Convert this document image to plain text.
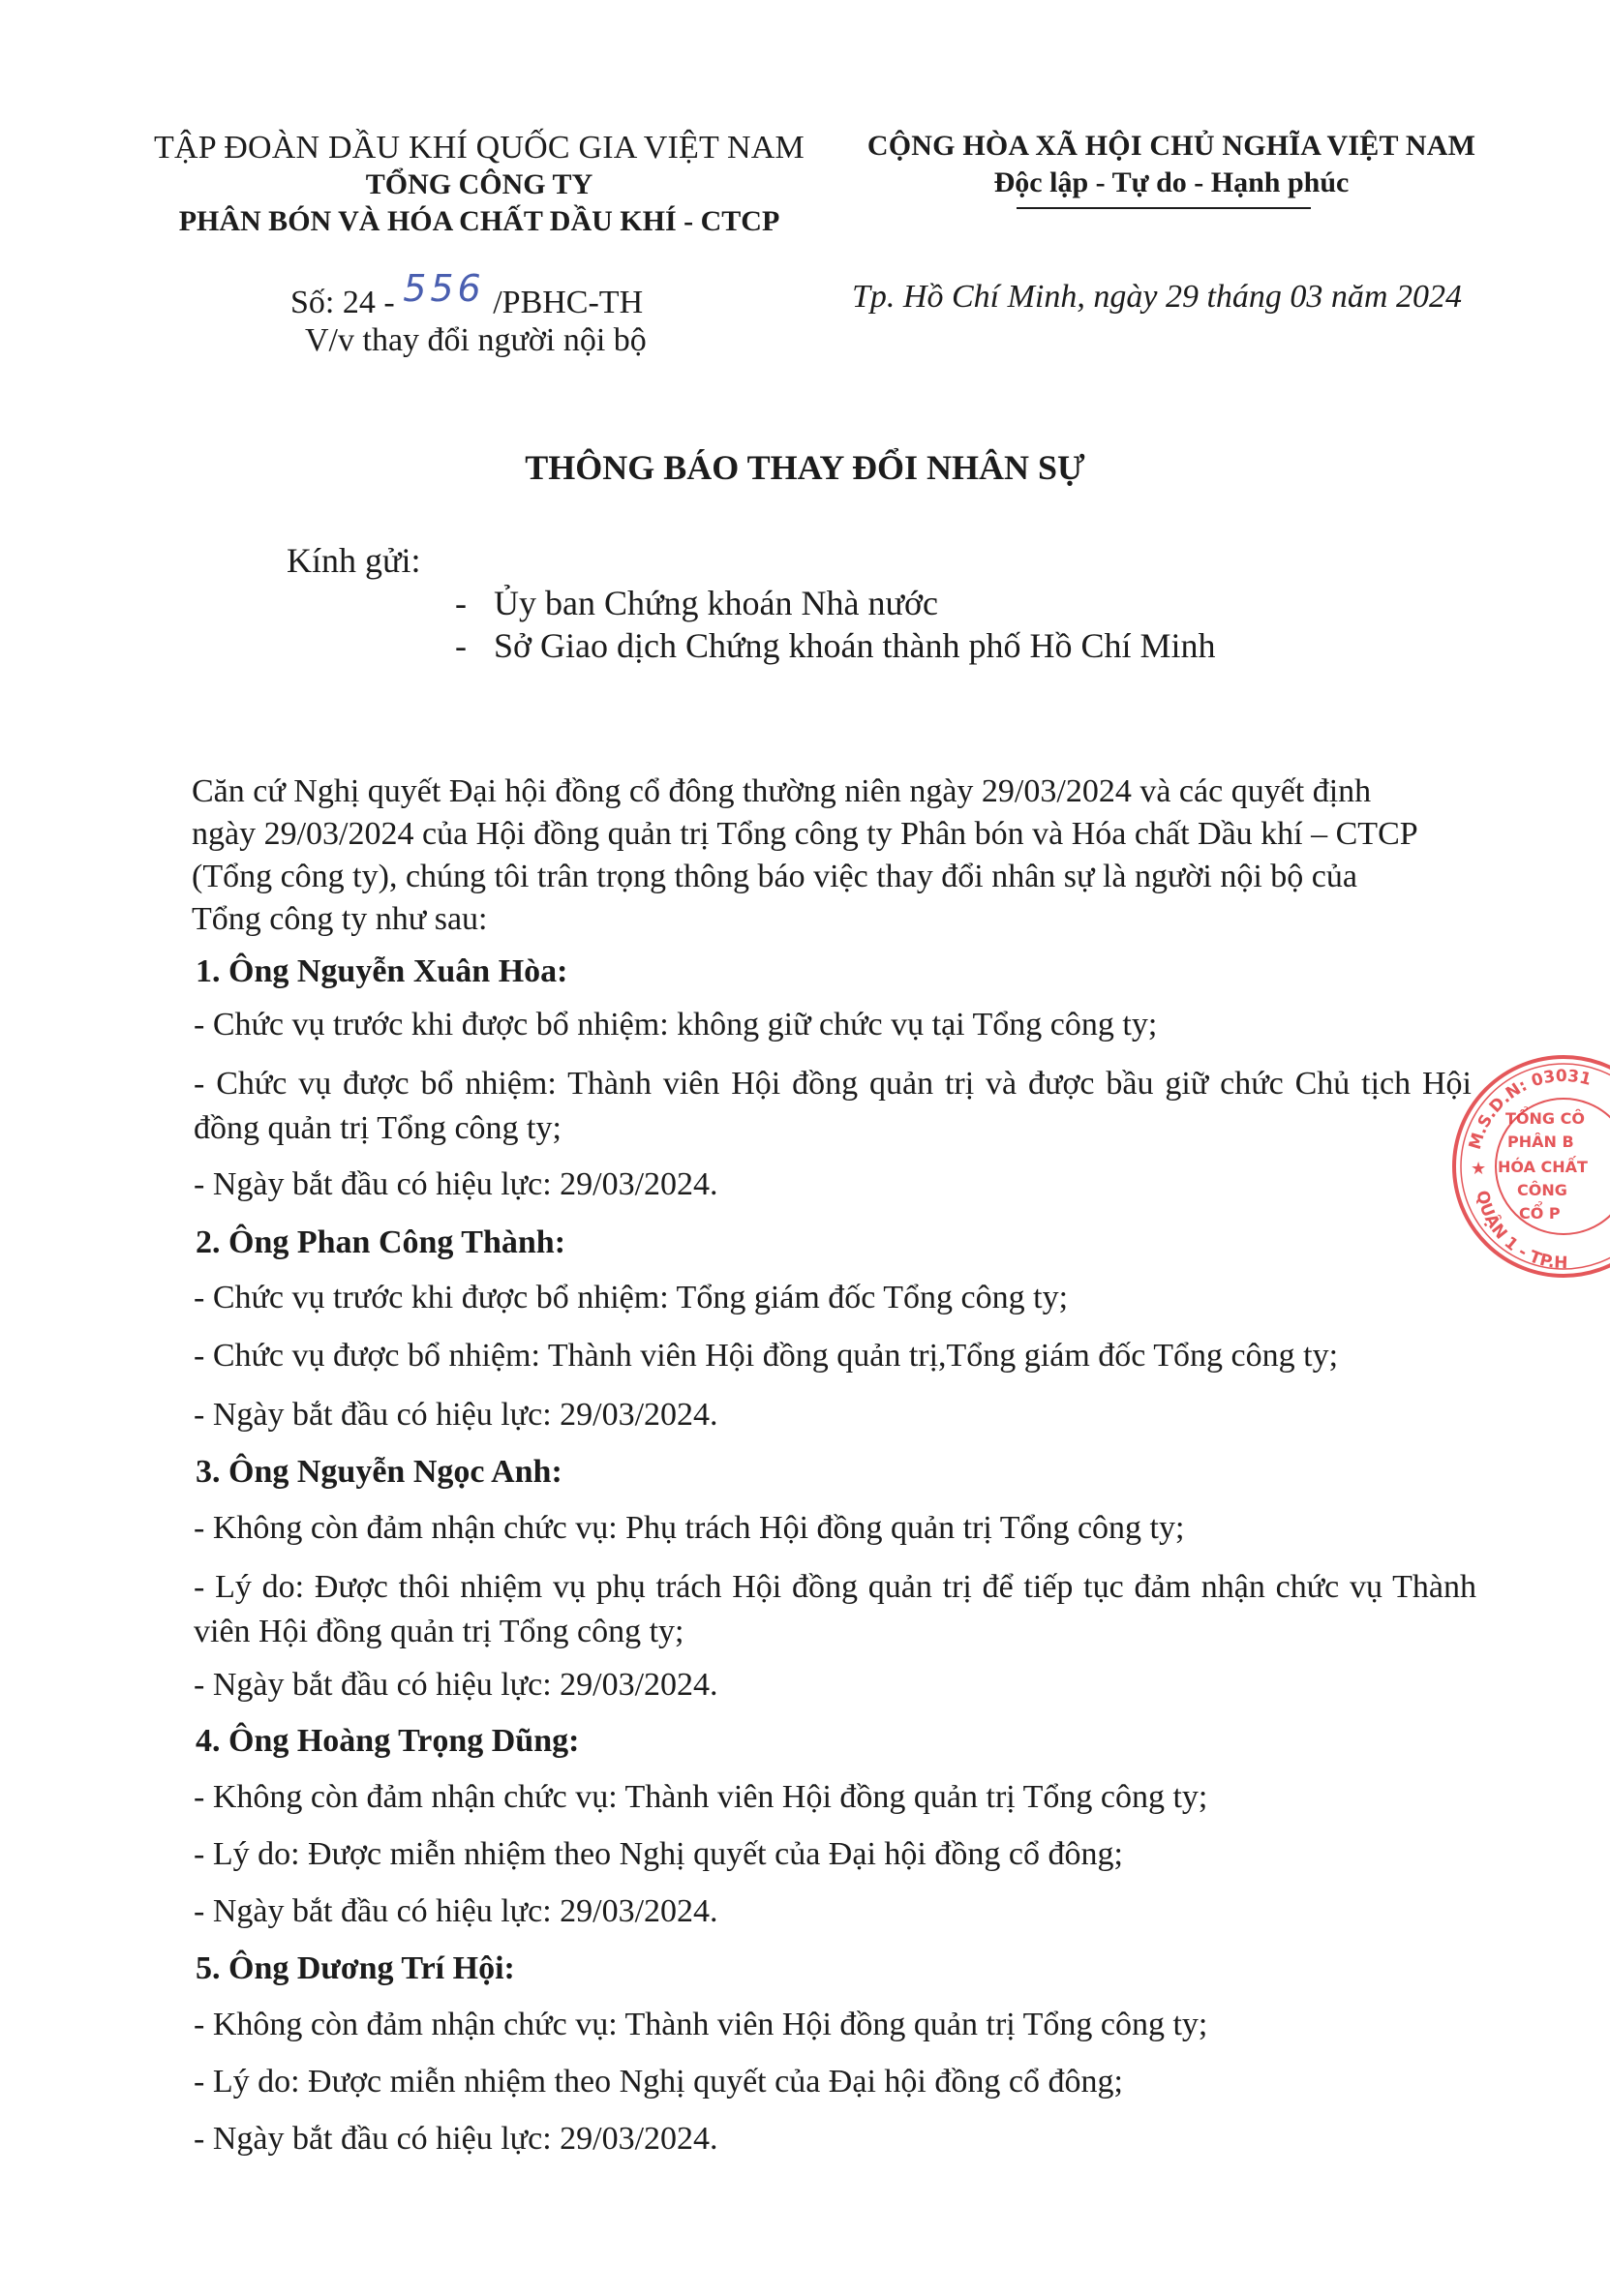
TẬP ĐOÀN DẦU KHÍ QUỐC GIA VIỆT NAM
TỔNG CÔNG TY
PHÂN BÓN VÀ HÓA CHẤT DẦU KHÍ - CTCP
CỘNG HÒA XÃ HỘI CHỦ NGHĨA VIỆT NAM
Độc lập - Tự do - Hạnh phúc
Số: 24 - 556 /PBHC-TH
V/v thay đổi người nội bộ
Tp. Hồ Chí Minh, ngày 29 tháng 03 năm 2024
THÔNG BÁO THAY ĐỔI NHÂN SỰ
Kính gửi:
- Ủy ban Chứng khoán Nhà nước
- Sở Giao dịch Chứng khoán thành phố Hồ Chí Minh

Căn cứ Nghị quyết Đại hội đồng cổ đông thường niên ngày 29/03/2024 và các quyết định

ngày 29/03/2024 của Hội đồng quản trị Tổng công ty Phân bón và Hóa chất Dầu khí – CTCP

(Tổng công ty), chúng tôi trân trọng thông báo việc thay đổi nhân sự là người nội bộ của

Tổng công ty như sau:

1. Ông Nguyễn Xuân Hòa:
- Chức vụ trước khi được bổ nhiệm: không giữ chức vụ tại Tổng công ty;
- Chức vụ được bổ nhiệm: Thành viên Hội đồng quản trị và được bầu giữ chức Chủ tịch Hội đồng quản trị Tổng công ty;
- Ngày bắt đầu có hiệu lực: 29/03/2024.
2. Ông Phan Công Thành:
- Chức vụ trước khi được bổ nhiệm: Tổng giám đốc Tổng công ty;
- Chức vụ được bổ nhiệm: Thành viên Hội đồng quản trị,Tổng giám đốc Tổng công ty;
- Ngày bắt đầu có hiệu lực: 29/03/2024.
3. Ông Nguyễn Ngọc Anh:
- Không còn đảm nhận chức vụ: Phụ trách Hội đồng quản trị Tổng công ty;
- Lý do: Được thôi nhiệm vụ phụ trách Hội đồng quản trị để tiếp tục đảm nhận chức vụ Thành viên Hội đồng quản trị Tổng công ty;
- Ngày bắt đầu có hiệu lực: 29/03/2024.
4. Ông Hoàng Trọng Dũng:
- Không còn đảm nhận chức vụ: Thành viên Hội đồng quản trị Tổng công ty;
- Lý do: Được miễn nhiệm theo Nghị quyết của Đại hội đồng cổ đông;
- Ngày bắt đầu có hiệu lực: 29/03/2024.
5. Ông Dương Trí Hội:
- Không còn đảm nhận chức vụ: Thành viên Hội đồng quản trị Tổng công ty;
- Lý do: Được miễn nhiệm theo Nghị quyết của Đại hội đồng cổ đông;
- Ngày bắt đầu có hiệu lực: 29/03/2024.
M.S.D.N: 03031
QUẬN 1 - TP.H
★
TỔNG CÔ
PHÂN B
HÓA CHẤT
CÔNG
CỔ P
